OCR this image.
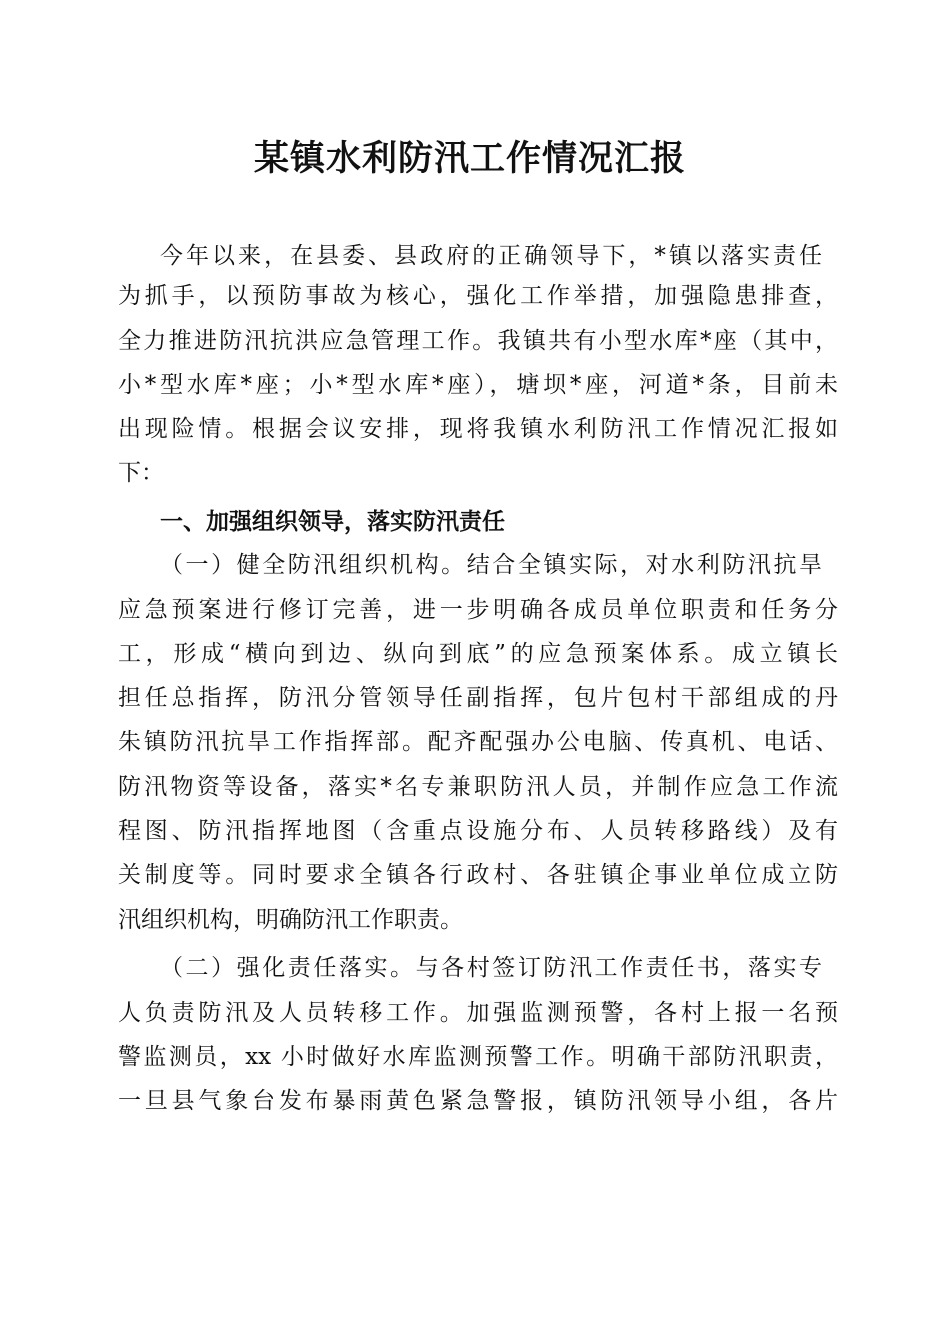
某镇水利防汛工作情况汇报
今年以来，在县委、县政府的正确领导下，*镇以落实责任
为抓手，以预防事故为核心，强化工作举措，加强隐患排查，
全力推进防汛抗洪应急管理工作。我镇共有小型水库*座（其中，
小*型水库*座；小*型水库*座），塘坝*座，河道*条，目前未
出现险情。根据会议安排，现将我镇水利防汛工作情况汇报如
下：
一、加强组织领导，落实防汛责任
（一）健全防汛组织机构。结合全镇实际，对水利防汛抗旱
应急预案进行修订完善，进一步明确各成员单位职责和任务分
工，形成“横向到边、纵向到底”的应急预案体系。成立镇长
担任总指挥，防汛分管领导任副指挥，包片包村干部组成的丹
朱镇防汛抗旱工作指挥部。配齐配强办公电脑、传真机、电话、
防汛物资等设备，落实*名专兼职防汛人员，并制作应急工作流
程图、防汛指挥地图（含重点设施分布、人员转移路线）及有
关制度等。同时要求全镇各行政村、各驻镇企事业单位成立防
汛组织机构，明确防汛工作职责。
（二）强化责任落实。与各村签订防汛工作责任书，落实专
人负责防汛及人员转移工作。加强监测预警，各村上报一名预
警监测员，xx 小时做好水库监测预警工作。明确干部防汛职责，
一旦县气象台发布暴雨黄色紧急警报，镇防汛领导小组，各片
